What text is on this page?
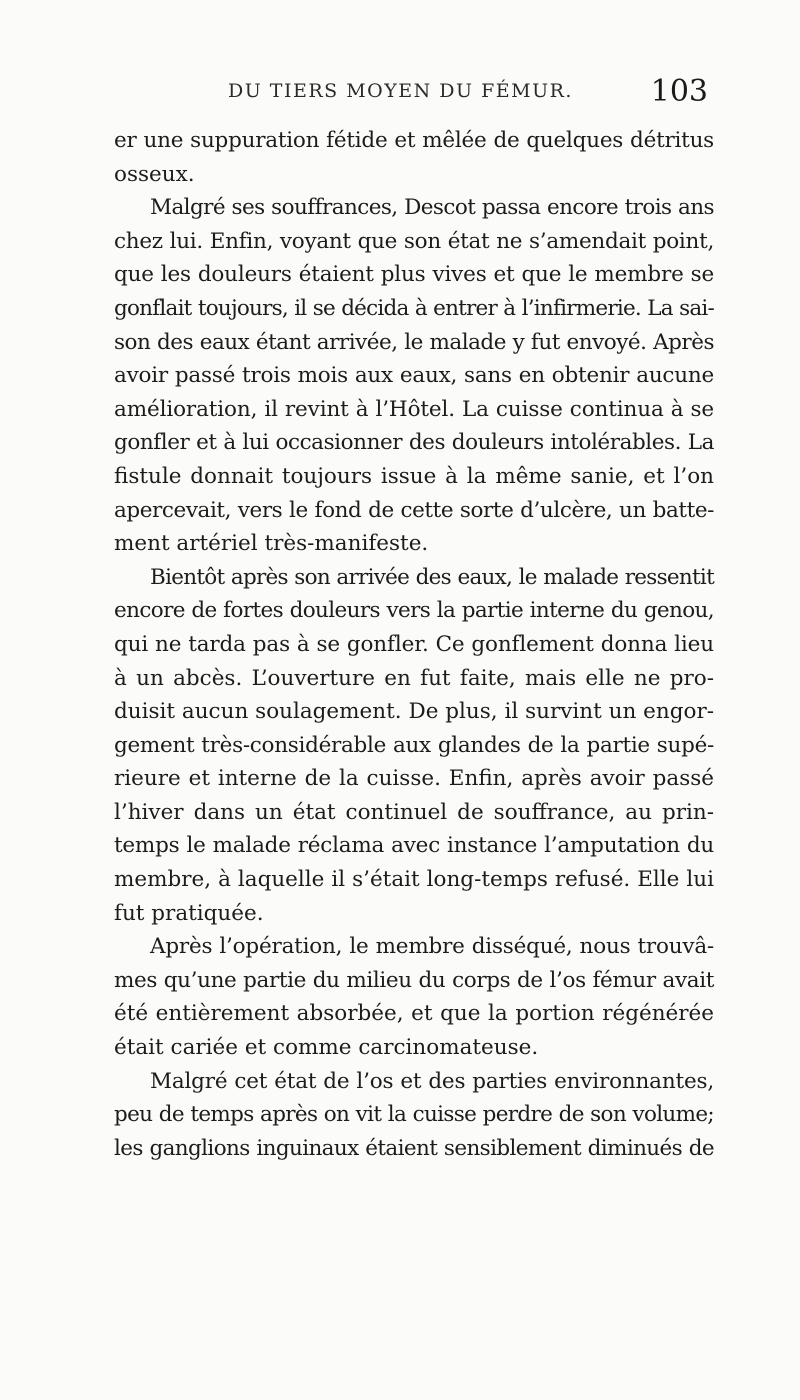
DU TIERS MOYEN DU FÉMUR.	103
er une suppuration fétide et mêlée de quelques détritus
osseux.
Malgré ses souffrances, Descot passa encore trois ans
chez lui. Enfin, voyant que son état ne s’amendait point,
que les douleurs étaient plus vives et que le membre se
gonflait toujours, il se décida à entrer à l’infirmerie. La sai-
son des eaux étant arrivée, le malade y fut envoyé. Après
avoir passé trois mois aux eaux, sans en obtenir aucune
amélioration, il revint à l’Hôtel. La cuisse continua à se
gonfler et à lui occasionner des douleurs intolérables. La
fistule donnait toujours issue à la même sanie, et l’on
apercevait, vers le fond de cette sorte d’ulcère, un batte-
ment artériel très-manifeste.
Bientôt après son arrivée des eaux, le malade ressentit
encore de fortes douleurs vers la partie interne du genou,
qui ne tarda pas à se gonfler. Ce gonflement donna lieu
à un abcès. L’ouverture en fut faite, mais elle ne pro-
duisit aucun soulagement. De plus, il survint un engor-
gement très-considérable aux glandes de la partie supé-
rieure et interne de la cuisse. Enfin, après avoir passé
l’hiver dans un état continuel de souffrance, au prin-
temps le malade réclama avec instance l’amputation du
membre, à laquelle il s’était long-temps refusé. Elle lui
fut pratiquée.
Après l’opération, le membre disséqué, nous trouvâ-
mes qu’une partie du milieu du corps de l’os fémur avait
été entièrement absorbée, et que la portion régénérée
était cariée et comme carcinomateuse.
Malgré cet état de l’os et des parties environnantes,
peu de temps après on vit la cuisse perdre de son volume;
les ganglions inguinaux étaient sensiblement diminués de
